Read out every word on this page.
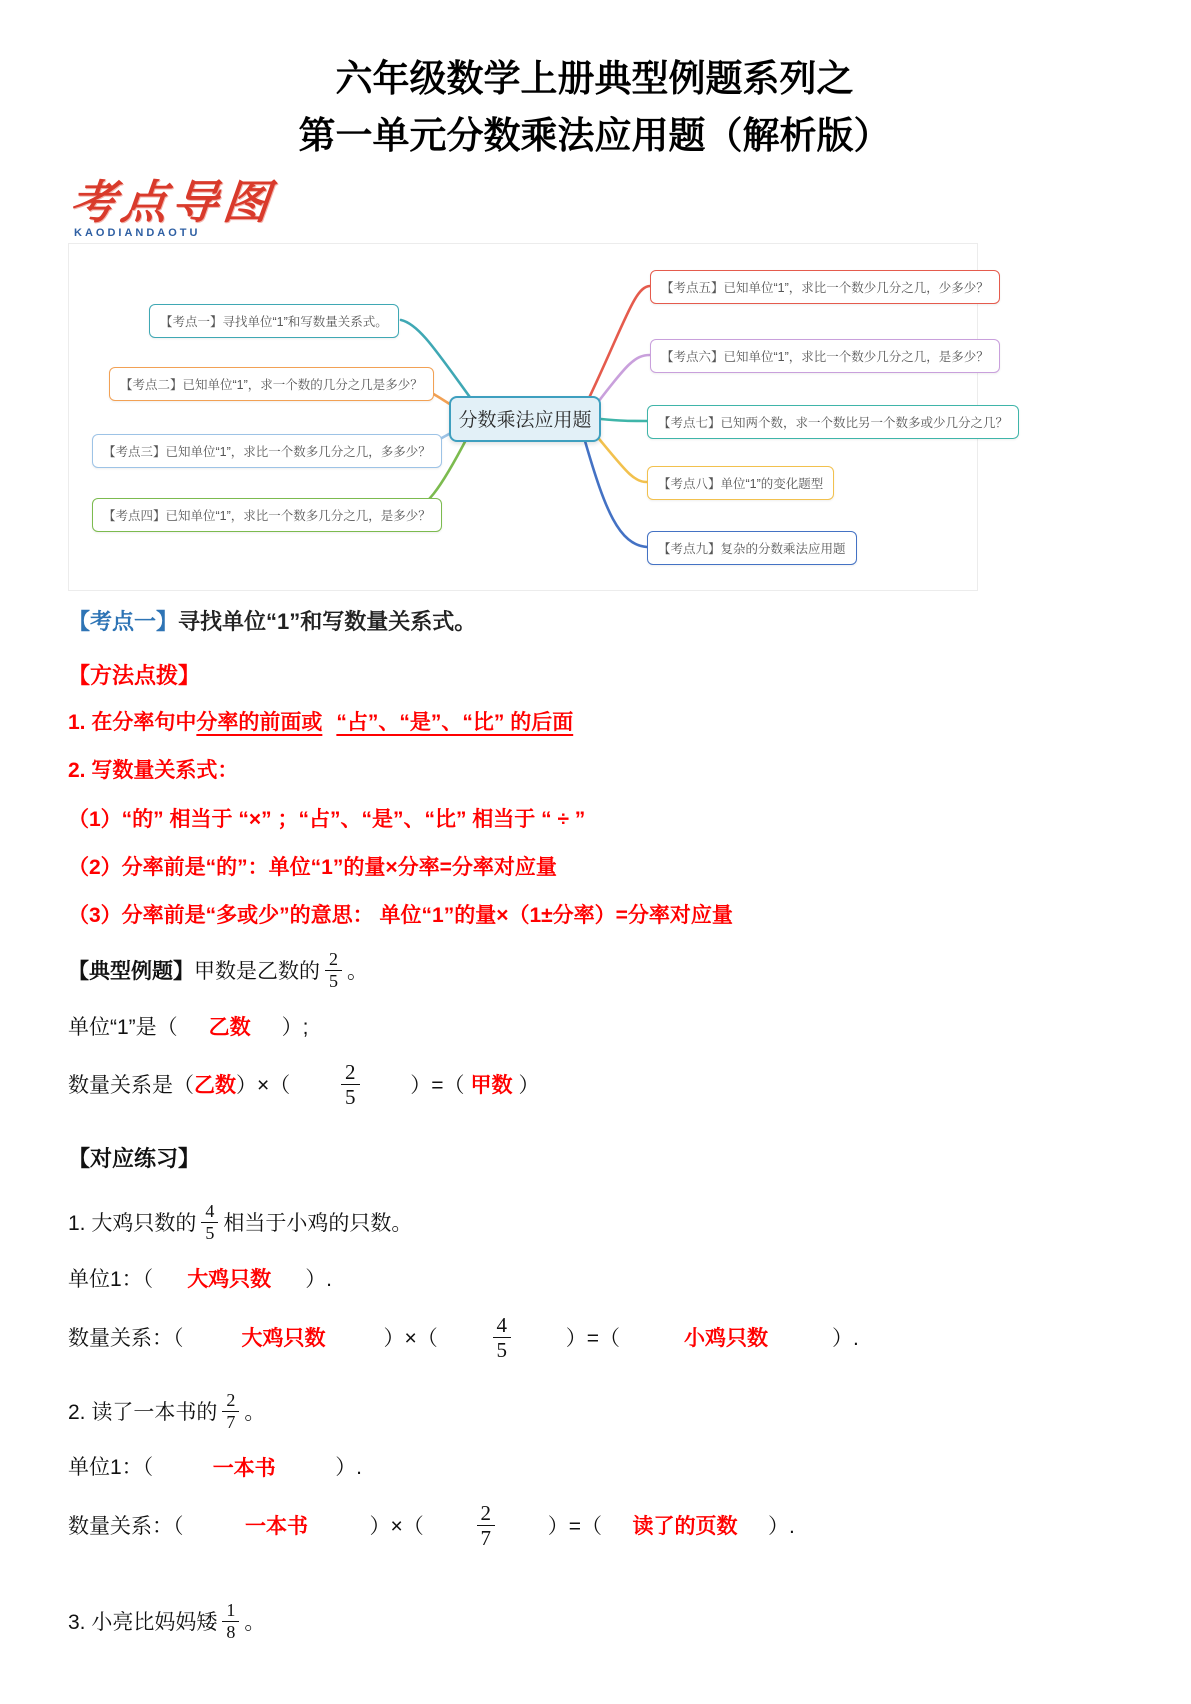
六年级数学上册典型例题系列之
第一单元分数乘法应用题（解析版）
考点导图
KAODIANDAOTU
分数乘法应用题
【考点一】寻找单位“1”和写数量关系式。
【考点二】已知单位“1”，求一个数的几分之几是多少？
【考点三】已知单位“1”，求比一个数多几分之几，多多少？
【考点四】已知单位“1”，求比一个数多几分之几，是多少？
【考点五】已知单位“1”，求比一个数少几分之几，少多少？
【考点六】已知单位“1”，求比一个数少几分之几，是多少？
【考点七】已知两个数，求一个数比另一个数多或少几分之几？
【考点八】单位“1”的变化题型
【考点九】复杂的分数乘法应用题

【考点一】寻找单位“1”和写数量关系式。

【方法点拨】

1. 在分率句中分率的前面或 “占”、“是”、“比” 的后面

2. 写数量关系式：

（1）“的” 相当于 “×” ；“占”、“是”、“比” 相当于 “ ÷ ”

（2）分率前是“的”：单位“1”的量×分率=分率对应量

（3）分率前是“多或少”的意思： 单位“1”的量×（1±分率）=分率对应量

【典型例题】甲数是乙数的 $\frac{2}{5}$ 。

单位“1”是（ 乙数 ）;

数量关系是（乙数）×（ $\frac{2}{5}$ ）=（ 甲数 ）

【对应练习】

1. 大鸡只数的 $\frac{4}{5}$ 相当于小鸡的只数。

单位1：（ 大鸡只数 ）.

数量关系：（	大鸡只数	）×（	$\frac{4}{5}$	）=（	小鸡只数	）.

2. 读了一本书的 $\frac{2}{7}$ 。

单位1：（	一本书	）.

数量关系：（	一本书	）×（	$\frac{2}{7}$	）=（ 读了的页数 ）.

3. 小亮比妈妈矮 $\frac{1}{8}$ 。
